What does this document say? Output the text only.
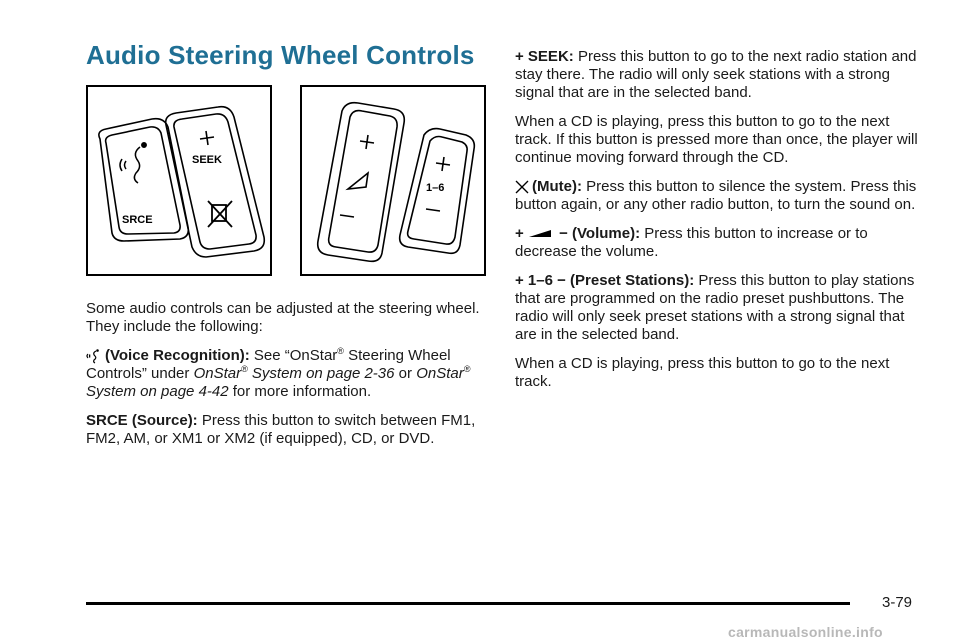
Audio Steering Wheel Controls
SRCE
SEEK
1–6

Some audio controls can be adjusted at the steering wheel. They include the following:

(Voice Recognition): See “OnStar® Steering Wheel Controls” under OnStar® System on page 2-36 or OnStar® System on page 4-42 for more information.

SRCE (Source): Press this button to switch between FM1, FM2, AM, or XM1 or XM2 (if equipped), CD, or DVD.

+ SEEK: Press this button to go to the next radio station and stay there. The radio will only seek stations with a strong signal that are in the selected band.

When a CD is playing, press this button to go to the next track. If this button is pressed more than once, the player will continue moving forward through the CD.

(Mute): Press this button to silence the system. Press this button again, or any other radio button, to turn the sound on.

+  − (Volume): Press this button to increase or to decrease the volume.

+ 1–6 − (Preset Stations): Press this button to play stations that are programmed on the radio preset pushbuttons. The radio will only seek preset stations with a strong signal that are in the selected band.

When a CD is playing, press this button to go to the next track.

3-79
carmanualsonline.info
